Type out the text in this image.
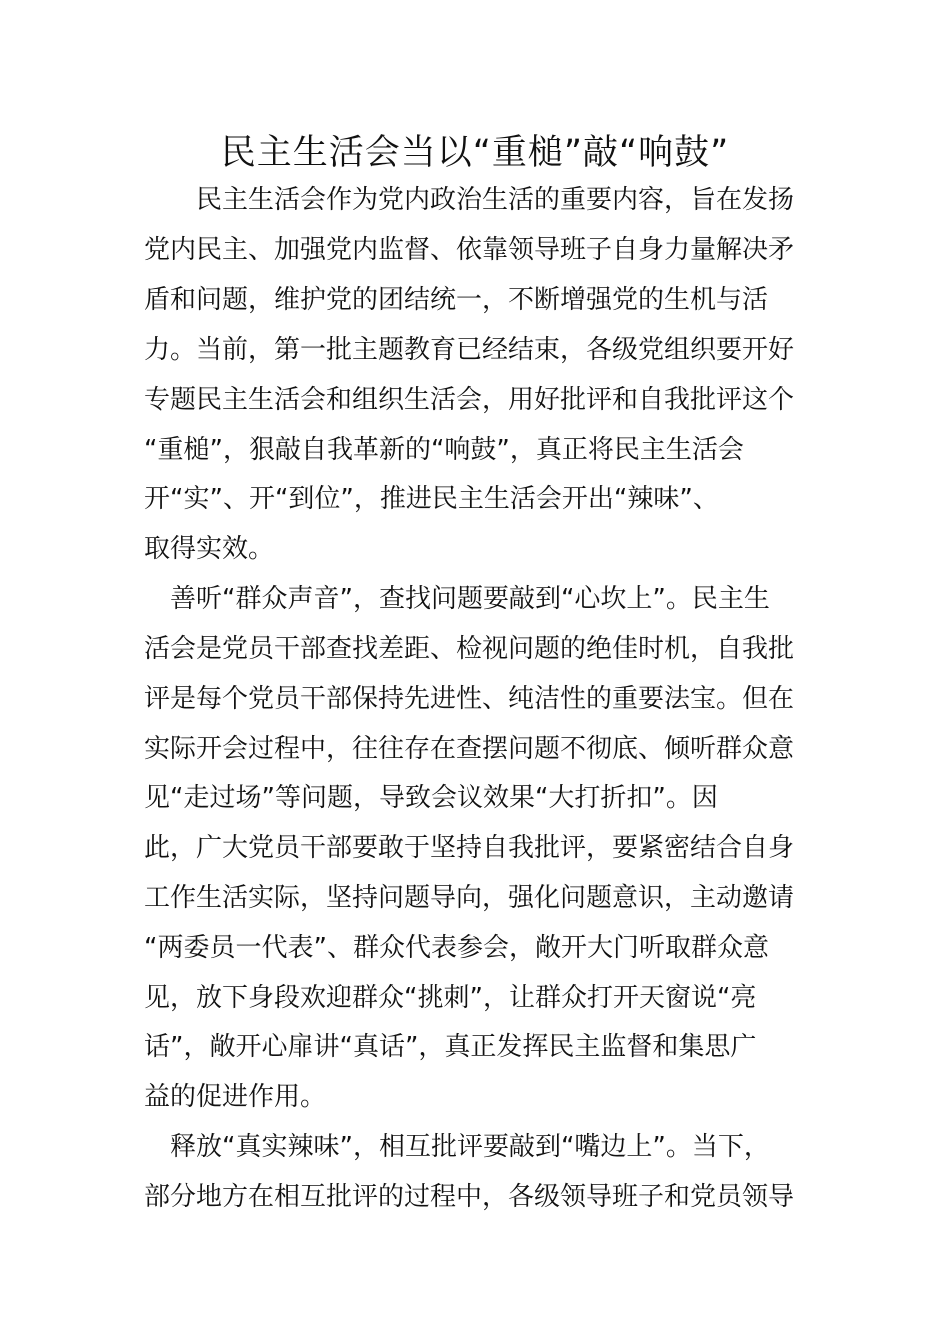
民主生活会当以“重槌”敲“响鼓”

　　民主生活会作为党内政治生活的重要内容，旨在发扬

党内民主、加强党内监督、依靠领导班子自身力量解决矛

盾和问题，维护党的团结统一，不断增强党的生机与活

力。当前，第一批主题教育已经结束，各级党组织要开好

专题民主生活会和组织生活会，用好批评和自我批评这个

“重槌”，狠敲自我革新的“响鼓”，真正将民主生活会

开“实”、开“到位”，推进民主生活会开出“辣味”、

取得实效。

　善听“群众声音”，查找问题要敲到“心坎上”。民主生

活会是党员干部查找差距、检视问题的绝佳时机，自我批

评是每个党员干部保持先进性、纯洁性的重要法宝。但在

实际开会过程中，往往存在查摆问题不彻底、倾听群众意

见“走过场”等问题，导致会议效果“大打折扣”。因

此，广大党员干部要敢于坚持自我批评，要紧密结合自身

工作生活实际，坚持问题导向，强化问题意识，主动邀请

“两委员一代表”、群众代表参会，敞开大门听取群众意

见，放下身段欢迎群众“挑刺”，让群众打开天窗说“亮

话”，敞开心扉讲“真话”，真正发挥民主监督和集思广

益的促进作用。

　释放“真实辣味”，相互批评要敲到“嘴边上”。当下，

部分地方在相互批评的过程中，各级领导班子和党员领导
